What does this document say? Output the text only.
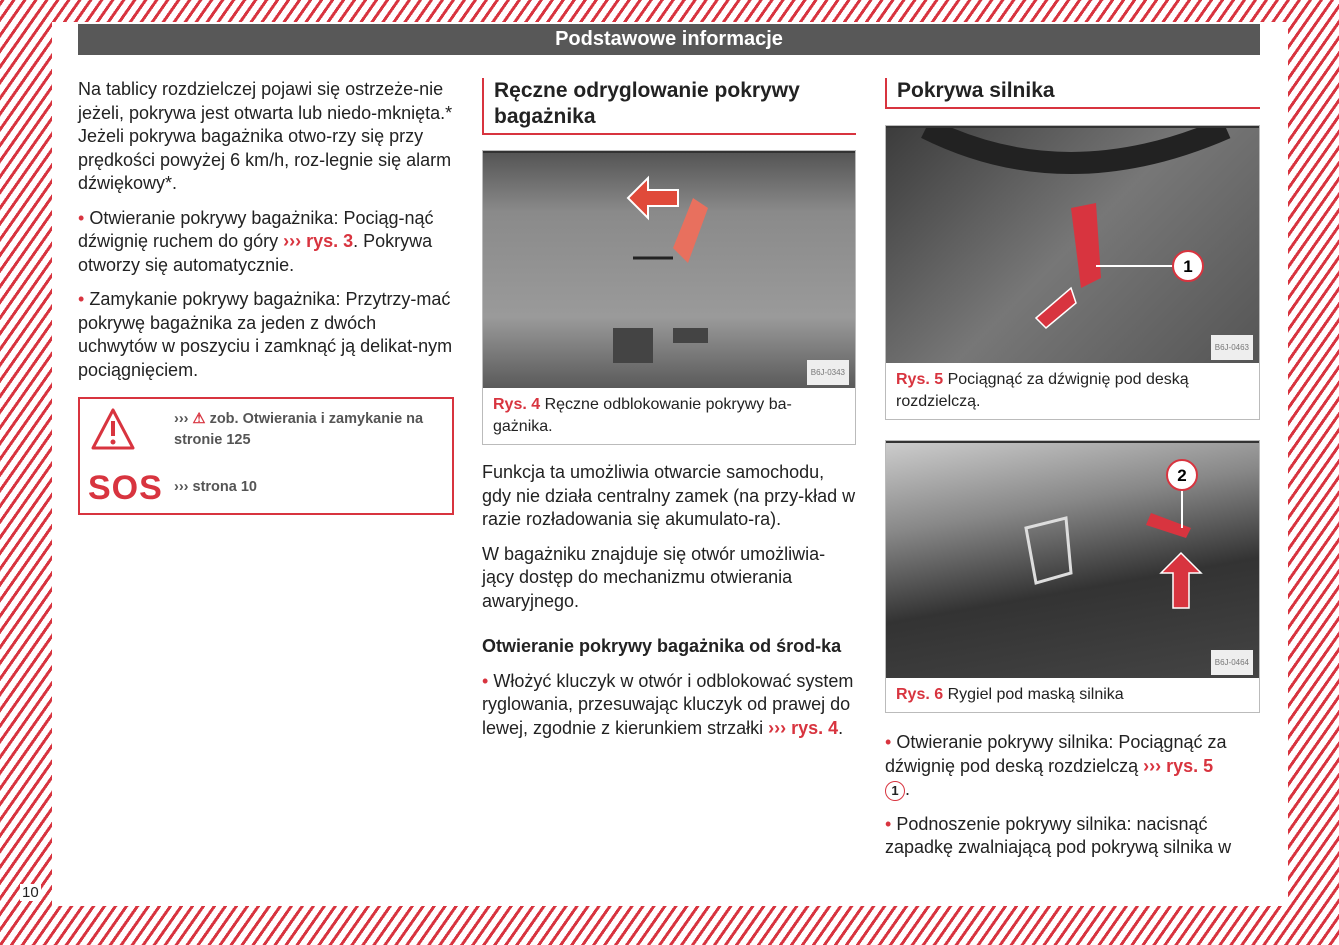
Podstawowe informacje

Na tablicy rozdzielczej pojawi się ostrzeże-nie jeżeli, pokrywa jest otwarta lub niedo-mknięta.* Jeżeli pokrywa bagażnika otwo-rzy się przy prędkości powyżej 6 km/h, roz-legnie się alarm dźwiękowy*.

• Otwieranie pokrywy bagażnika: Pociąg-nąć dźwignię ruchem do góry ››› rys. 3. Pokrywa otworzy się automatycznie.

• Zamykanie pokrywy bagażnika: Przytrzy-mać pokrywę bagażnika za jeden z dwóch uchwytów w poszyciu i zamknąć ją delikat-nym pociągnięciem.

››› ⚠ zob. Otwierania i zamykanie na stronie 125
SOS ››› strona 10
Ręczne odryglowanie pokrywy bagażnika
B6J-0343
Rys. 4 Ręczne odblokowanie pokrywy ba-gażnika.

Funkcja ta umożliwia otwarcie samochodu, gdy nie działa centralny zamek (na przy-kład w razie rozładowania się akumulato-ra).

W bagażniku znajduje się otwór umożliwia-jący dostęp do mechanizmu otwierania awaryjnego.

Otwieranie pokrywy bagażnika od środ-ka

• Włożyć kluczyk w otwór i odblokować system ryglowania, przesuwając kluczyk od prawej do lewej, zgodnie z kierunkiem strzałki ››› rys. 4.

Pokrywa silnika
1
B6J-0463
Rys. 5 Pociągnąć za dźwignię pod deską rozdzielczą.
2
B6J-0464
Rys. 6 Rygiel pod maską silnika

• Otwieranie pokrywy silnika: Pociągnąć za dźwignię pod deską rozdzielczą ››› rys. 5
1 .

• Podnoszenie pokrywy silnika: nacisnąć zapadkę zwalniającą pod pokrywą silnika w

10
